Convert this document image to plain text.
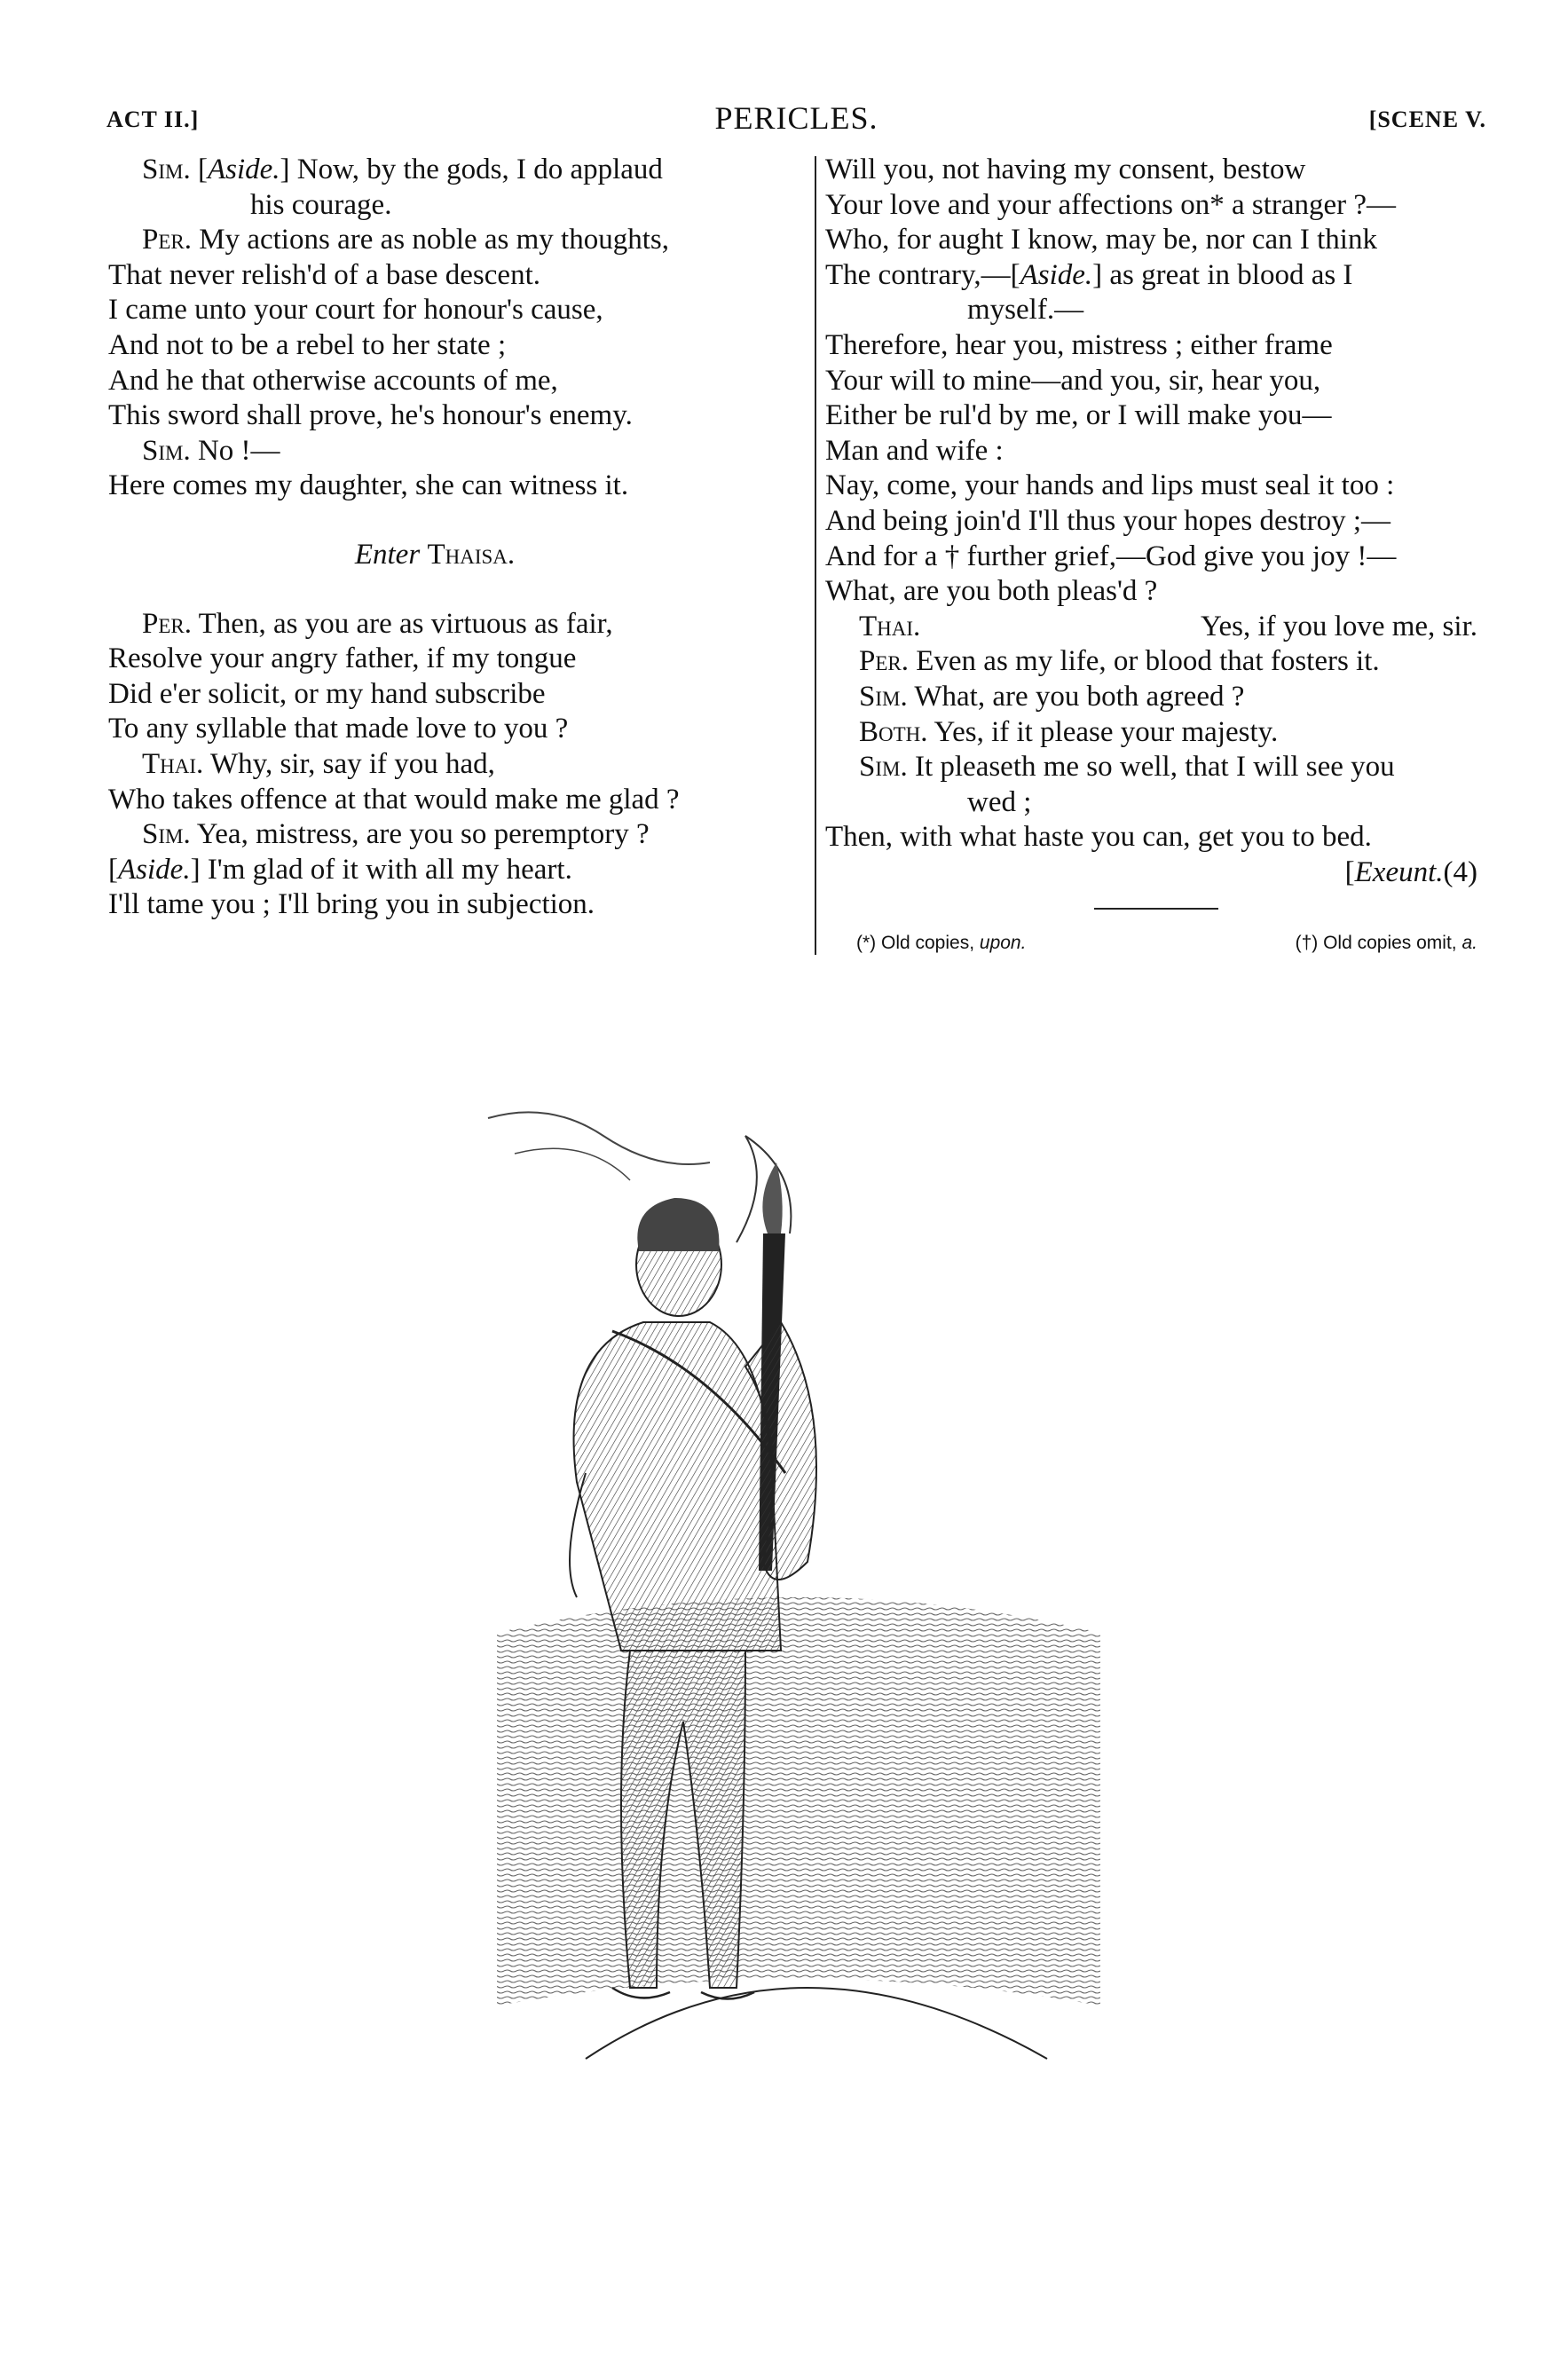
ACT II.]	PERICLES.	[SCENE V.
Sim. [Aside.] Now, by the gods, I do applaud
his courage.
Per. My actions are as noble as my thoughts,
That never relish'd of a base descent.
I came unto your court for honour's cause,
And not to be a rebel to her state ;
And he that otherwise accounts of me,
This sword shall prove, he's honour's enemy.
Sim. No !—
Here comes my daughter, she can witness it.
Enter Thaisa.
Per. Then, as you are as virtuous as fair,
Resolve your angry father, if my tongue
Did e'er solicit, or my hand subscribe
To any syllable that made love to you ?
Thai. Why, sir, say if you had,
Who takes offence at that would make me glad ?
Sim. Yea, mistress, are you so peremptory ?
[Aside.] I'm glad of it with all my heart.
I'll tame you ; I'll bring you in subjection.
Will you, not having my consent, bestow
Your love and your affections on* a stranger ?—
Who, for aught I know, may be, nor can I think
The contrary,—[Aside.] as great in blood as I
myself.—
Therefore, hear you, mistress ; either frame
Your will to mine—and you, sir, hear you,
Either be rul'd by me, or I will make you—
Man and wife :
Nay, come, your hands and lips must seal it too :
And being join'd I'll thus your hopes destroy ;—
And for a † further grief,—God give you joy !—
What, are you both pleas'd ?
Thai.	Yes, if you love me, sir.
Per. Even as my life, or blood that fosters it.
Sim. What, are you both agreed ?
Both. Yes, if it please your majesty.
Sim. It pleaseth me so well, that I will see you
wed ;
Then, with what haste you can, get you to bed.
[Exeunt.(4)
(*) Old copies, upon.	(†) Old copies omit, a.
